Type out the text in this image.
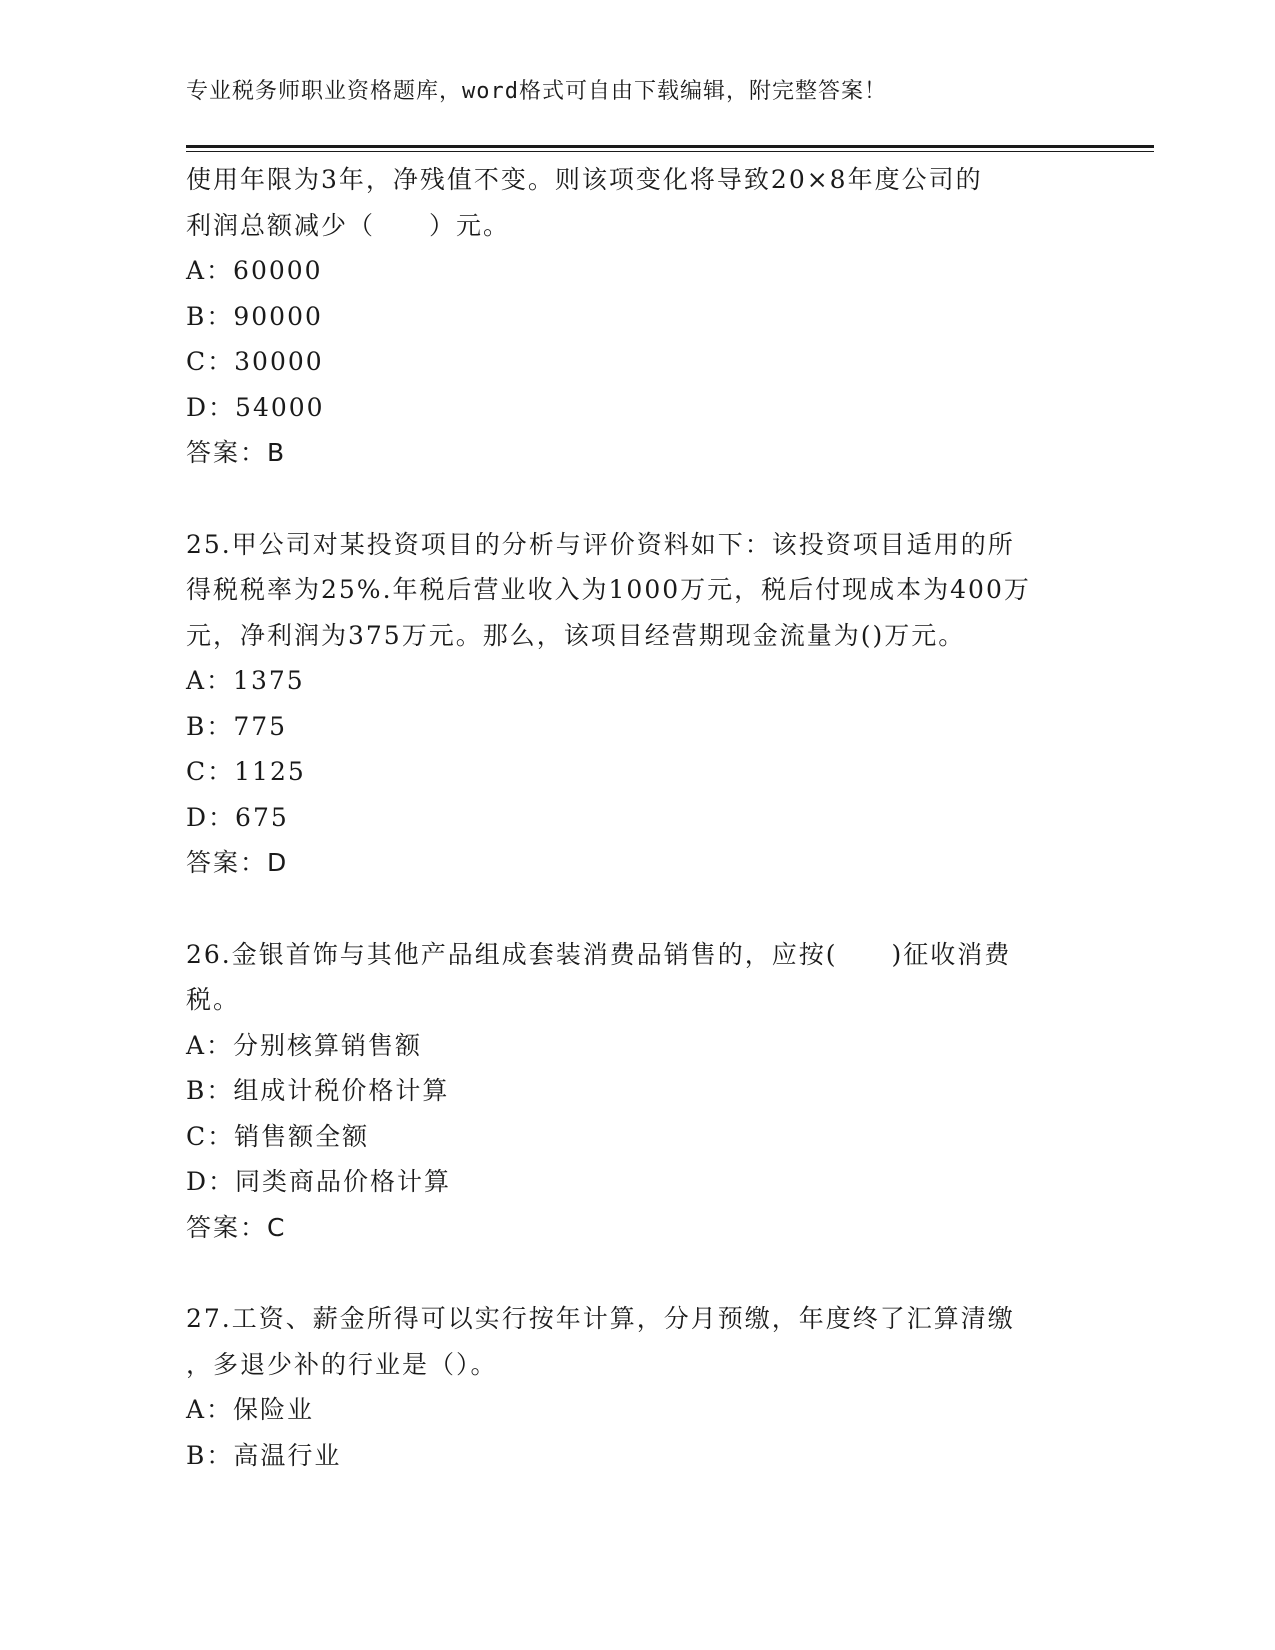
专业税务师职业资格题库，word格式可自由下载编辑，附完整答案！
使用年限为3年，净残值不变。则该项变化将导致20×8年度公司的
利润总额减少（　　）元。
A：60000
B：90000
C：30000
D：54000
答案：B
25.甲公司对某投资项目的分析与评价资料如下：该投资项目适用的所
得税税率为25%.年税后营业收入为1000万元，税后付现成本为400万
元，净利润为375万元。那么，该项目经营期现金流量为()万元。
A：1375
B：775
C：1125
D：675
答案：D
26.金银首饰与其他产品组成套装消费品销售的，应按(　　)征收消费
税。
A：分别核算销售额
B：组成计税价格计算
C：销售额全额
D：同类商品价格计算
答案：C
27.工资、薪金所得可以实行按年计算，分月预缴，年度终了汇算清缴
，多退少补的行业是（）。
A：保险业
B：高温行业
